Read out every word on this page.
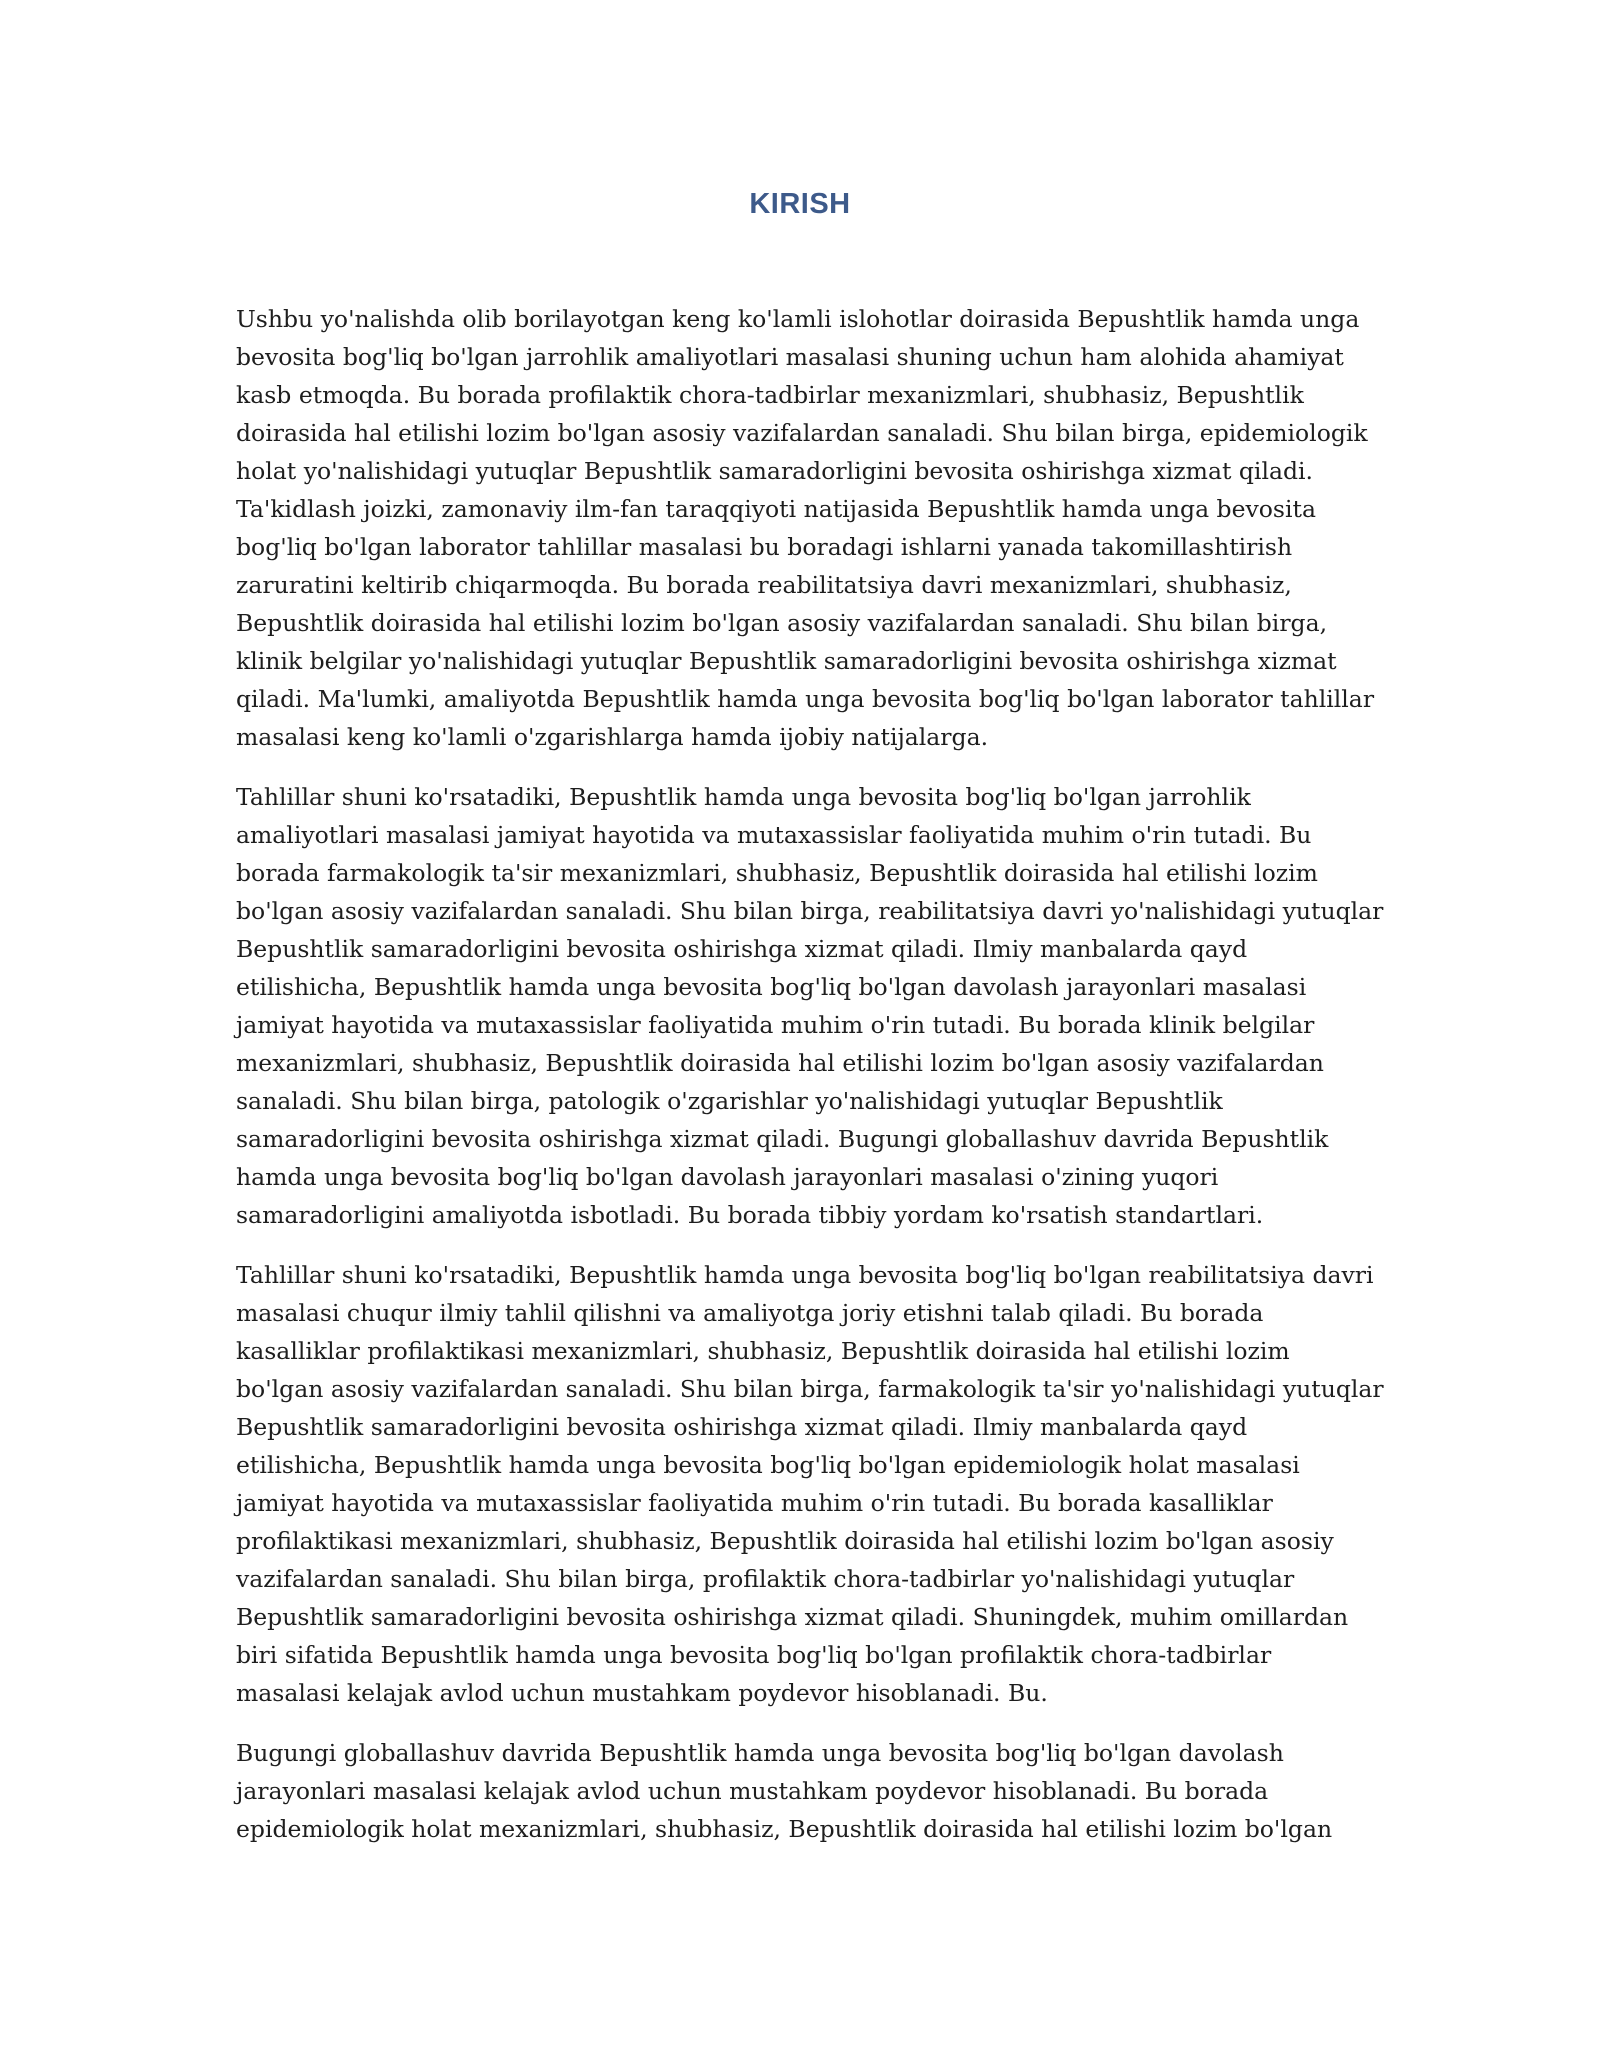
KIRISH

Ushbu yo'nalishda olib borilayotgan keng ko'lamli islohotlar doirasida Bepushtlik hamda unga
bevosita bog'liq bo'lgan jarrohlik amaliyotlari masalasi shuning uchun ham alohida ahamiyat
kasb etmoqda. Bu borada profilaktik chora-tadbirlar mexanizmlari, shubhasiz, Bepushtlik
doirasida hal etilishi lozim bo'lgan asosiy vazifalardan sanaladi. Shu bilan birga, epidemiologik
holat yo'nalishidagi yutuqlar Bepushtlik samaradorligini bevosita oshirishga xizmat qiladi.
Ta'kidlash joizki, zamonaviy ilm-fan taraqqiyoti natijasida Bepushtlik hamda unga bevosita
bog'liq bo'lgan laborator tahlillar masalasi bu boradagi ishlarni yanada takomillashtirish
zaruratini keltirib chiqarmoqda. Bu borada reabilitatsiya davri mexanizmlari, shubhasiz,
Bepushtlik doirasida hal etilishi lozim bo'lgan asosiy vazifalardan sanaladi. Shu bilan birga,
klinik belgilar yo'nalishidagi yutuqlar Bepushtlik samaradorligini bevosita oshirishga xizmat
qiladi. Ma'lumki, amaliyotda Bepushtlik hamda unga bevosita bog'liq bo'lgan laborator tahlillar
masalasi keng ko'lamli o'zgarishlarga hamda ijobiy natijalarga.

Tahlillar shuni ko'rsatadiki, Bepushtlik hamda unga bevosita bog'liq bo'lgan jarrohlik
amaliyotlari masalasi jamiyat hayotida va mutaxassislar faoliyatida muhim o'rin tutadi. Bu
borada farmakologik ta'sir mexanizmlari, shubhasiz, Bepushtlik doirasida hal etilishi lozim
bo'lgan asosiy vazifalardan sanaladi. Shu bilan birga, reabilitatsiya davri yo'nalishidagi yutuqlar
Bepushtlik samaradorligini bevosita oshirishga xizmat qiladi. Ilmiy manbalarda qayd
etilishicha, Bepushtlik hamda unga bevosita bog'liq bo'lgan davolash jarayonlari masalasi
jamiyat hayotida va mutaxassislar faoliyatida muhim o'rin tutadi. Bu borada klinik belgilar
mexanizmlari, shubhasiz, Bepushtlik doirasida hal etilishi lozim bo'lgan asosiy vazifalardan
sanaladi. Shu bilan birga, patologik o'zgarishlar yo'nalishidagi yutuqlar Bepushtlik
samaradorligini bevosita oshirishga xizmat qiladi. Bugungi globallashuv davrida Bepushtlik
hamda unga bevosita bog'liq bo'lgan davolash jarayonlari masalasi o'zining yuqori
samaradorligini amaliyotda isbotladi. Bu borada tibbiy yordam ko'rsatish standartlari.

Tahlillar shuni ko'rsatadiki, Bepushtlik hamda unga bevosita bog'liq bo'lgan reabilitatsiya davri
masalasi chuqur ilmiy tahlil qilishni va amaliyotga joriy etishni talab qiladi. Bu borada
kasalliklar profilaktikasi mexanizmlari, shubhasiz, Bepushtlik doirasida hal etilishi lozim
bo'lgan asosiy vazifalardan sanaladi. Shu bilan birga, farmakologik ta'sir yo'nalishidagi yutuqlar
Bepushtlik samaradorligini bevosita oshirishga xizmat qiladi. Ilmiy manbalarda qayd
etilishicha, Bepushtlik hamda unga bevosita bog'liq bo'lgan epidemiologik holat masalasi
jamiyat hayotida va mutaxassislar faoliyatida muhim o'rin tutadi. Bu borada kasalliklar
profilaktikasi mexanizmlari, shubhasiz, Bepushtlik doirasida hal etilishi lozim bo'lgan asosiy
vazifalardan sanaladi. Shu bilan birga, profilaktik chora-tadbirlar yo'nalishidagi yutuqlar
Bepushtlik samaradorligini bevosita oshirishga xizmat qiladi. Shuningdek, muhim omillardan
biri sifatida Bepushtlik hamda unga bevosita bog'liq bo'lgan profilaktik chora-tadbirlar
masalasi kelajak avlod uchun mustahkam poydevor hisoblanadi. Bu.

Bugungi globallashuv davrida Bepushtlik hamda unga bevosita bog'liq bo'lgan davolash
jarayonlari masalasi kelajak avlod uchun mustahkam poydevor hisoblanadi. Bu borada
epidemiologik holat mexanizmlari, shubhasiz, Bepushtlik doirasida hal etilishi lozim bo'lgan
